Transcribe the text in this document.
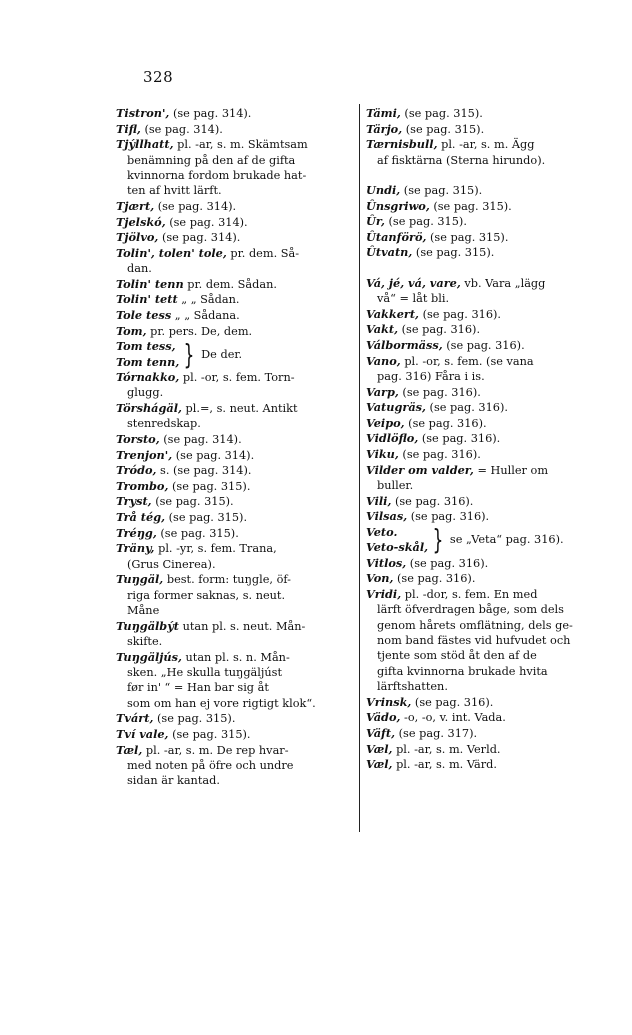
328
Tistron', (se pag. 314).
Tifl, (se pag. 314).
Tjýllhatt, pl. -ar, s. m. Skämtsam
benämning på den af de gifta
kvinnorna fordom brukade hat-
ten af hvitt lärft.
Tjært, (se pag. 314).
Tjelskó, (se pag. 314).
Tjölvo, (se pag. 314).
Tolin', tolen' tole, pr. dem. Så-
dan.
Tolin' tenn pr. dem. Sådan.
Tolin' tett „ „ Sådan.
Tole tess „ „ Sådana.
Tom, pr. pers. De, dem.
Tom tess,
Tom tenn, } De der.
Tórnakko, pl. -or, s. fem. Torn-
glugg.
Törshágäl, pl.=, s. neut. Antikt
stenredskap.
Torsto, (se pag. 314).
Trenjon', (se pag. 314).
Tródo, s. (se pag. 314).
Trombo, (se pag. 315).
Tryst, (se pag. 315).
Trå tég, (se pag. 315).
Tréŋg, (se pag. 315).
Träny, pl. -yr, s. fem. Trana,
(Grus Cinerea).
Tuŋgäl, best. form: tuŋgle, öf-
riga former saknas, s. neut.
Måne
Tuŋgälbýt utan pl. s. neut. Mån-
skifte.
Tuŋgäljús, utan pl. s. n. Mån-
sken. „He skulla tuŋgäljúst
før in' “ = Han bar sig åt
som om han ej vore rigtigt klok“.
Tvárt, (se pag. 315).
Tví vale, (se pag. 315).
Tæl, pl. -ar, s. m. De rep hvar-
med noten på öfre och undre
sidan är kantad.
Tämi, (se pag. 315).
Tärjo, (se pag. 315).
Tærnisbull, pl. -ar, s. m. Ägg
af fisktärna (Sterna hirundo).
Undi, (se pag. 315).
Ûnsgriwo, (se pag. 315).
Ûr, (se pag. 315).
Ûtanförö, (se pag. 315).
Ûtvatn, (se pag. 315).
Vá, jé, vá, vare, vb. Vara „lägg
vå“ = låt bli.
Vakkert, (se pag. 316).
Vakt, (se pag. 316).
Válbormäss, (se pag. 316).
Vano, pl. -or, s. fem. (se vana
pag. 316) Fåra i is.
Varp, (se pag. 316).
Vatugräs, (se pag. 316).
Veipo, (se pag. 316).
Vidlöflo, (se pag. 316).
Viku, (se pag. 316).
Vilder om valder, = Huller om
buller.
Vili, (se pag. 316).
Vilsas, (se pag. 316).
Veto.
Veto-skål, } se „Veta“ pag. 316).
Vitlos, (se pag. 316).
Von, (se pag. 316).
Vridi, pl. -dor, s. fem. En med
lärft öfverdragen båge, som dels
genom hårets omflätning, dels ge-
nom band fästes vid hufvudet och
tjente som stöd åt den af de
gifta kvinnorna brukade hvita
lärftshatten.
Vrinsk, (se pag. 316).
Vädo, -o, -o, v. int. Vada.
Väft, (se pag. 317).
Væl, pl. -ar, s. m. Verld.
Væl, pl. -ar, s. m. Värd.
